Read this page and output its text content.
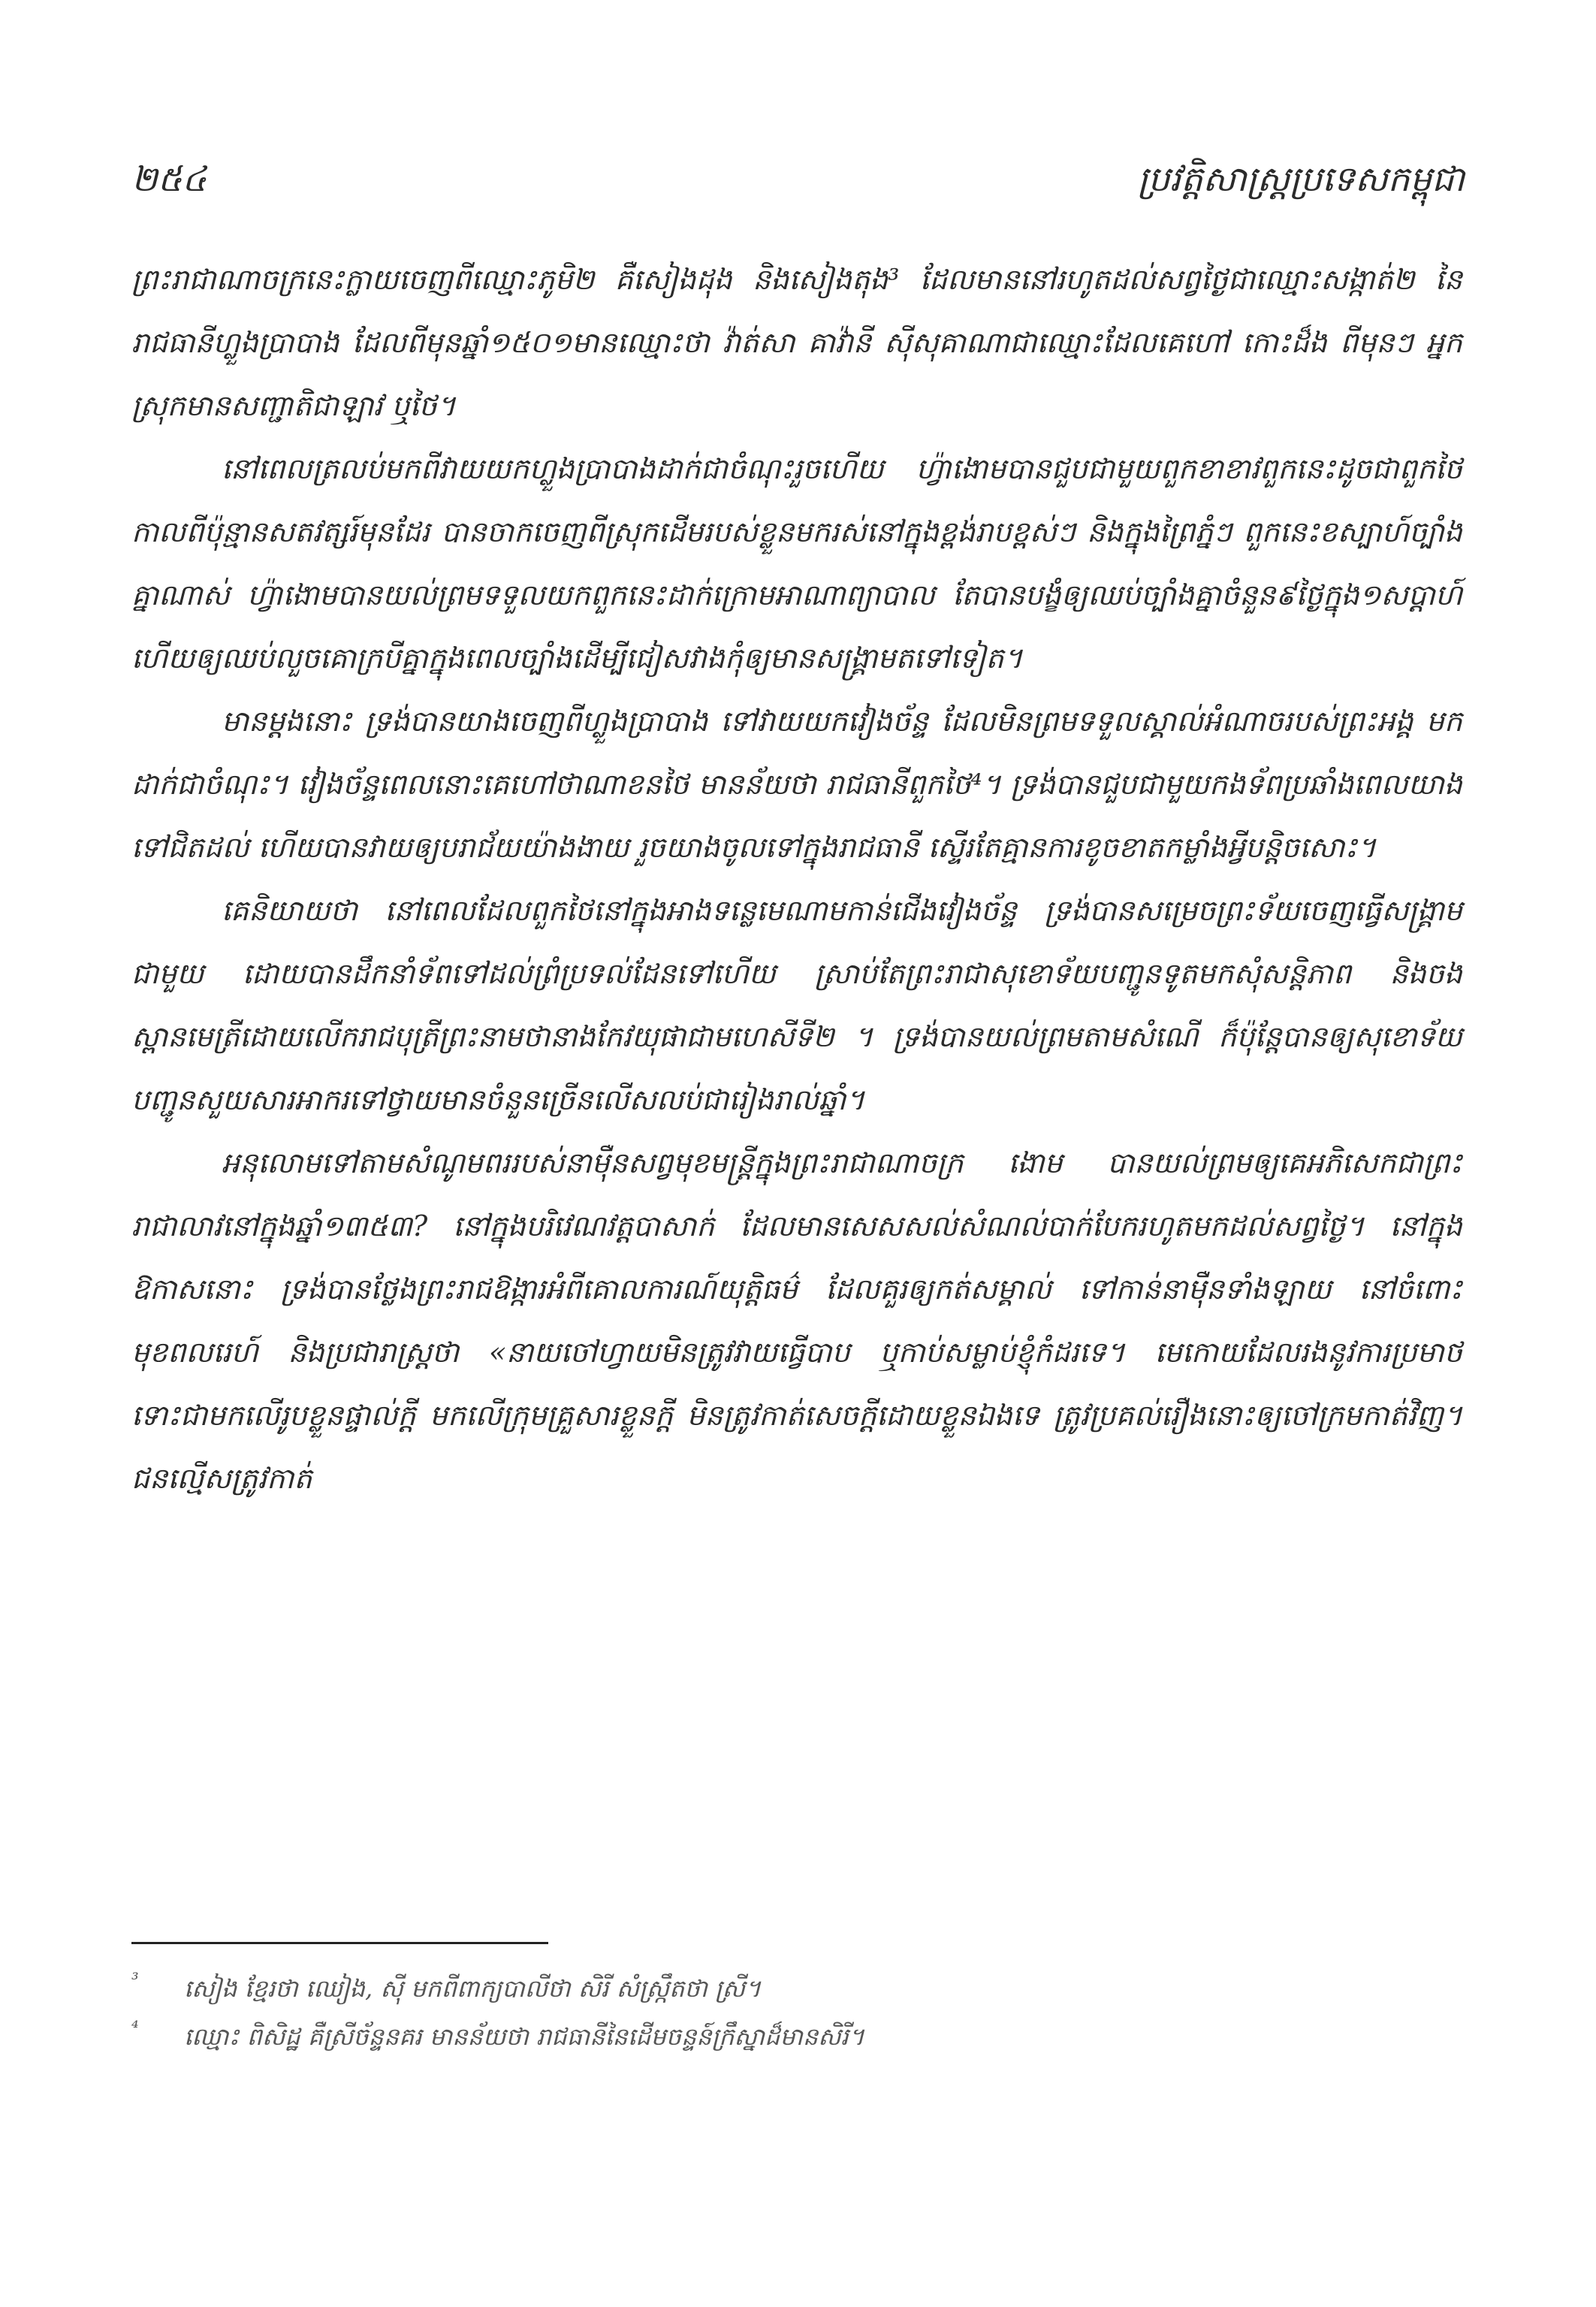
២៥៤	ប្រវត្តិសាស្ត្រប្រទេសកម្ពុជា

ព្រះរាជាណាចក្រនេះក្លាយចេញពីឈ្មោះភូមិ២ គឺសៀងដុង និងសៀងតុង³ ដែលមាននៅរហូតដល់សព្វថ្ងៃជាឈ្មោះសង្កាត់២ នៃរាជធានីហ្លួងប្រាបាង ដែលពីមុនឆ្នាំ១៥០១មានឈ្មោះថា វ៉ាត់សា គាវ៉ានី ស៊ីសុគាណាជាឈ្មោះដែលគេហៅ កោះដ៏ង ពីមុនៗ អ្នកស្រុកមានសញ្ជាតិជាឡាវ ឬថៃ។

នៅពេលត្រលប់មកពីវាយយកហ្លួងប្រាបាងដាក់ជាចំណុះរួចហើយ ហ្វ៉ាងោមបានជួបជាមួយពួកខាខាវពួកនេះដូចជាពួកថៃកាលពីប៉ុន្មានសតវត្សរ៍មុនដែរ បានចាកចេញពីស្រុកដើមរបស់ខ្លួនមករស់នៅក្នុងខ្ពង់រាបខ្ពស់ៗ និងក្នុងព្រៃភ្នំៗ ពួកនេះខស្បាហ៍ច្បាំងគ្នាណាស់ ហ្វ៉ាងោមបានយល់ព្រមទទួលយកពួកនេះដាក់ក្រោមអាណាព្យាបាល តែបានបង្ខំឲ្យឈប់ច្បាំងគ្នាចំនួន៩ថ្ងៃក្នុង១សប្តាហ៍ ហើយឲ្យឈប់លួចគោក្របីគ្នាក្នុងពេលច្បាំងដើម្បីជៀសវាងកុំឲ្យមានសង្គ្រាមតទៅទៀត។

មានម្តងនោះ ទ្រង់បានយាងចេញពីហ្លួងប្រាបាង ទៅវាយយកវៀងច័ន្ទ ដែលមិនព្រមទទួលស្គាល់អំណាចរបស់ព្រះអង្គ មកដាក់ជាចំណុះ។ វៀងច័ន្ទពេលនោះគេហៅថាណាខនថៃ មានន័យថា រាជធានីពួកថៃ⁴។ ទ្រង់បានជួបជាមួយកងទ័ពប្រឆាំងពេលយាងទៅជិតដល់ ហើយបានវាយឲ្យបរាជ័យយ៉ាងងាយ រួចយាងចូលទៅក្នុងរាជធានី ស្ទើរតែគ្មានការខូចខាតកម្លាំងអ្វីបន្តិចសោះ។

គេនិយាយថា នៅពេលដែលពួកថៃនៅក្នុងអាងទន្លេមេណាមកាន់ជើងវៀងច័ន្ទ ទ្រង់បានសម្រេចព្រះទ័យចេញធ្វើសង្គ្រាមជាមួយ ដោយបានដឹកនាំទ័ពទៅដល់ព្រំប្រទល់ដែនទៅហើយ ស្រាប់តែព្រះរាជាសុខោទ័យបញ្ជូនទូតមកសុំសន្តិភាព និងចងស្ពានមេត្រីដោយលើករាជបុត្រីព្រះនាមថានាងកែវយុផាជាមហេសីទី២ ។ ទ្រង់បានយល់ព្រមតាមសំណើ ក៏ប៉ុន្តែបានឲ្យសុខោទ័យបញ្ជូនសួយសារអាករទៅថ្វាយមានចំនួនច្រើនលើសលប់ជារៀងរាល់ឆ្នាំ។

អនុលោមទៅតាមសំណូមពររបស់នាម៉ឺនសព្វមុខមន្ត្រីក្នុងព្រះរាជាណាចក្រ ងោម បានយល់ព្រមឲ្យគេអភិសេកជាព្រះរាជាលាវនៅក្នុងឆ្នាំ១៣៥៣? នៅក្នុងបរិវេណវត្តបាសាក់ ដែលមានសេសសល់សំណល់បាក់បែករហូតមកដល់សព្វថ្ងៃ។ នៅក្នុងឱកាសនោះ ទ្រង់បានថ្លែងព្រះរាជឱង្ការអំពីគោលការណ៍យុត្តិធម៌ ដែលគួរឲ្យកត់សម្គាល់ ទៅកាន់នាម៉ឺនទាំងឡាយ នៅចំពោះមុខពលរេហ៍ និងប្រជារាស្ត្រថា «នាយចៅហ្វាយមិនត្រូវវាយធ្វើបាប ឬកាប់សម្លាប់ខ្ញុំកំដរទេ។ មេកោយដែលរងនូវការប្រមាថ ទោះជាមកលើរូបខ្លួនផ្ទាល់ក្តី មកលើក្រុមគ្រួសារខ្លួនក្តី មិនត្រូវកាត់សេចក្តីដោយខ្លួនឯងទេ ត្រូវប្រគល់រឿងនោះឲ្យចៅក្រមកាត់វិញ។ ជនល្មើសត្រូវកាត់

³	សៀង ខ្មែរថា ឈៀង, ស៊ី មកពីពាក្យបាលីថា សិរី សំស្ក្រឹតថា ស្រី។
⁴	ឈ្មោះ ពិសិដ្ឋ គឺស្រីច័ន្ទនគរ មានន័យថា រាជធានីនៃដើមចន្ទន៍ក្រឹស្នាដ៏មានសិរី។
